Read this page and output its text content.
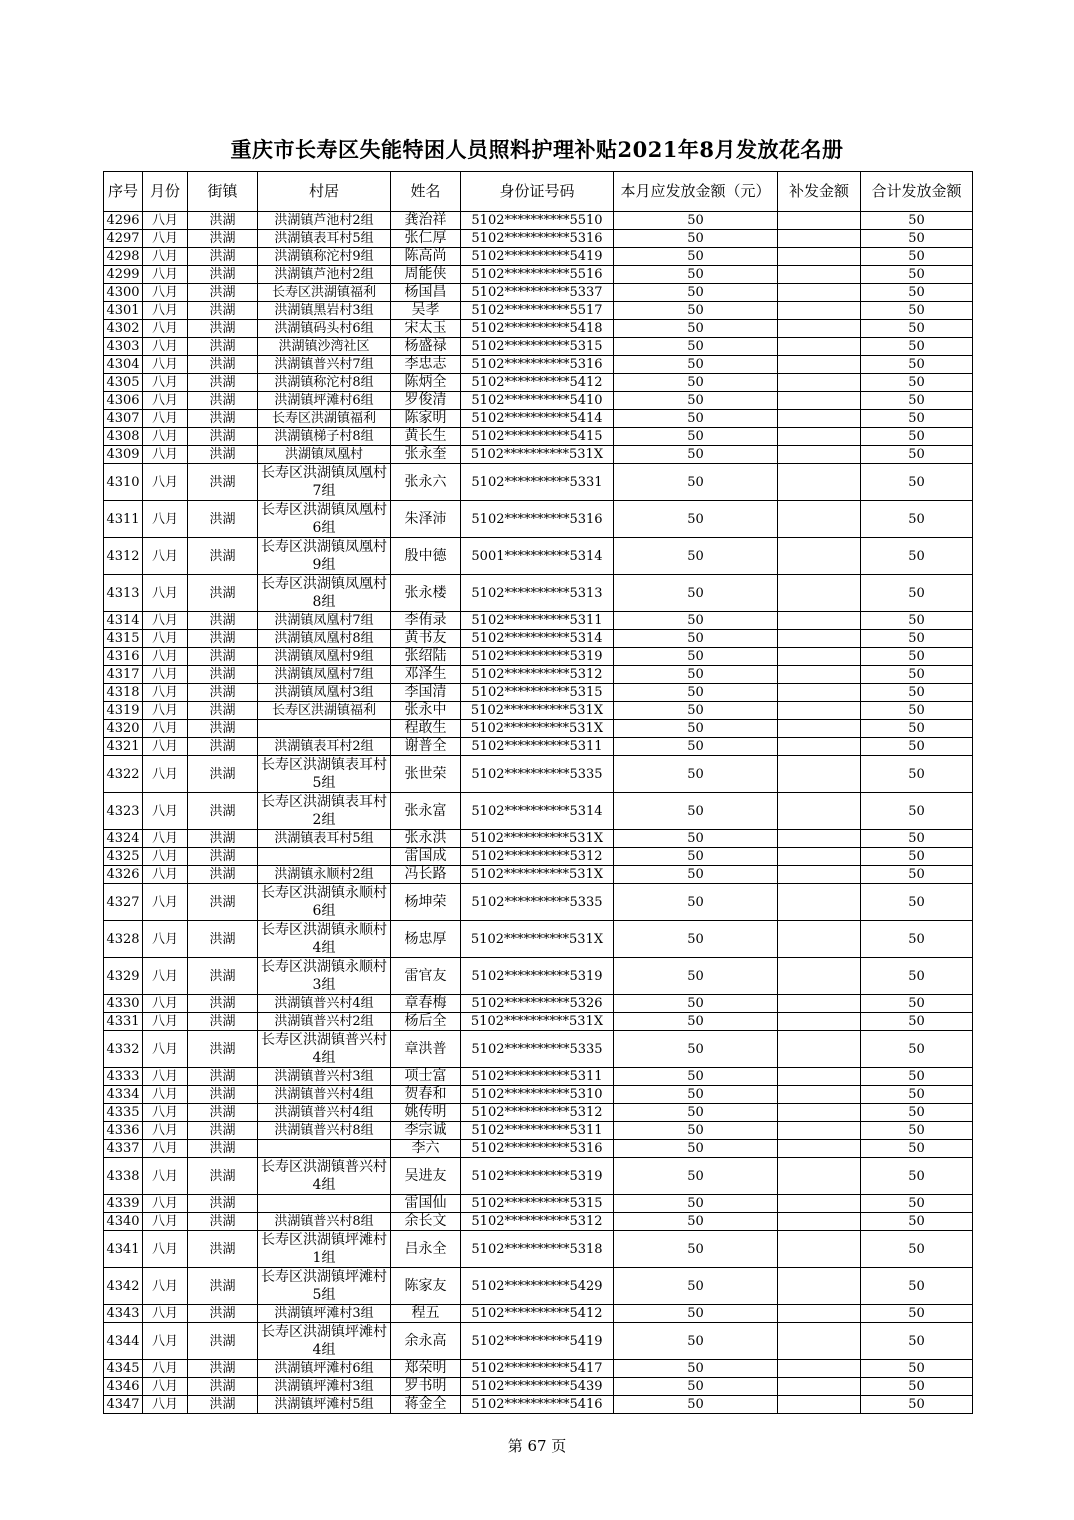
重庆市长寿区失能特困人员照料护理补贴2021年8月发放花名册
序号	月份	街镇	村居	姓名	身份证号码	本月应发放金额（元）	补发金额	合计发放金额
4296	八月	洪湖	洪湖镇芦池村2组	龚治祥	5102**********5510	50		50
4297	八月	洪湖	洪湖镇表耳村5组	张仁厚	5102**********5316	50		50
4298	八月	洪湖	洪湖镇称沱村9组	陈高尚	5102**********5419	50		50
4299	八月	洪湖	洪湖镇芦池村2组	周能侠	5102**********5516	50		50
4300	八月	洪湖	长寿区洪湖镇福利	杨国昌	5102**********5337	50		50
4301	八月	洪湖	洪湖镇黑岩村3组	吴孝	5102**********5517	50		50
4302	八月	洪湖	洪湖镇码头村6组	宋太玉	5102**********5418	50		50
4303	八月	洪湖	洪湖镇沙湾社区	杨盛禄	5102**********5315	50		50
4304	八月	洪湖	洪湖镇普兴村7组	李忠志	5102**********5316	50		50
4305	八月	洪湖	洪湖镇称沱村8组	陈炳全	5102**********5412	50		50
4306	八月	洪湖	洪湖镇坪滩村6组	罗俊清	5102**********5410	50		50
4307	八月	洪湖	长寿区洪湖镇福利	陈家明	5102**********5414	50		50
4308	八月	洪湖	洪湖镇梯子村8组	黄长生	5102**********5415	50		50
4309	八月	洪湖	洪湖镇凤凰村	张永奎	5102**********531X	50		50
4310	八月	洪湖	长寿区洪湖镇凤凰村7组	张永六	5102**********5331	50		50
4311	八月	洪湖	长寿区洪湖镇凤凰村6组	朱泽沛	5102**********5316	50		50
4312	八月	洪湖	长寿区洪湖镇凤凰村9组	殷中德	5001**********5314	50		50
4313	八月	洪湖	长寿区洪湖镇凤凰村8组	张永楼	5102**********5313	50		50
4314	八月	洪湖	洪湖镇凤凰村7组	李侑录	5102**********5311	50		50
4315	八月	洪湖	洪湖镇凤凰村8组	黄书友	5102**********5314	50		50
4316	八月	洪湖	洪湖镇凤凰村9组	张绍陆	5102**********5319	50		50
4317	八月	洪湖	洪湖镇凤凰村7组	邓泽生	5102**********5312	50		50
4318	八月	洪湖	洪湖镇凤凰村3组	李国清	5102**********5315	50		50
4319	八月	洪湖	长寿区洪湖镇福利	张永中	5102**********531X	50		50
4320	八月	洪湖		程敢生	5102**********531X	50		50
4321	八月	洪湖	洪湖镇表耳村2组	谢普全	5102**********5311	50		50
4322	八月	洪湖	长寿区洪湖镇表耳村5组	张世荣	5102**********5335	50		50
4323	八月	洪湖	长寿区洪湖镇表耳村2组	张永富	5102**********5314	50		50
4324	八月	洪湖	洪湖镇表耳村5组	张永洪	5102**********531X	50		50
4325	八月	洪湖		雷国成	5102**********5312	50		50
4326	八月	洪湖	洪湖镇永顺村2组	冯长路	5102**********531X	50		50
4327	八月	洪湖	长寿区洪湖镇永顺村6组	杨坤荣	5102**********5335	50		50
4328	八月	洪湖	长寿区洪湖镇永顺村4组	杨忠厚	5102**********531X	50		50
4329	八月	洪湖	长寿区洪湖镇永顺村3组	雷官友	5102**********5319	50		50
4330	八月	洪湖	洪湖镇普兴村4组	章春梅	5102**********5326	50		50
4331	八月	洪湖	洪湖镇普兴村2组	杨后全	5102**********531X	50		50
4332	八月	洪湖	长寿区洪湖镇普兴村4组	章洪普	5102**********5335	50		50
4333	八月	洪湖	洪湖镇普兴村3组	项士富	5102**********5311	50		50
4334	八月	洪湖	洪湖镇普兴村4组	贺春和	5102**********5310	50		50
4335	八月	洪湖	洪湖镇普兴村4组	姚传明	5102**********5312	50		50
4336	八月	洪湖	洪湖镇普兴村8组	李宗诚	5102**********5311	50		50
4337	八月	洪湖		李六	5102**********5316	50		50
4338	八月	洪湖	长寿区洪湖镇普兴村4组	吴进友	5102**********5319	50		50
4339	八月	洪湖		雷国仙	5102**********5315	50		50
4340	八月	洪湖	洪湖镇普兴村8组	余长文	5102**********5312	50		50
4341	八月	洪湖	长寿区洪湖镇坪滩村1组	吕永全	5102**********5318	50		50
4342	八月	洪湖	长寿区洪湖镇坪滩村5组	陈家友	5102**********5429	50		50
4343	八月	洪湖	洪湖镇坪滩村3组	程五	5102**********5412	50		50
4344	八月	洪湖	长寿区洪湖镇坪滩村4组	余永高	5102**********5419	50		50
4345	八月	洪湖	洪湖镇坪滩村6组	郑荣明	5102**********5417	50		50
4346	八月	洪湖	洪湖镇坪滩村3组	罗书明	5102**********5439	50		50
4347	八月	洪湖	洪湖镇坪滩村5组	蒋金全	5102**********5416	50		50
第 67 页
